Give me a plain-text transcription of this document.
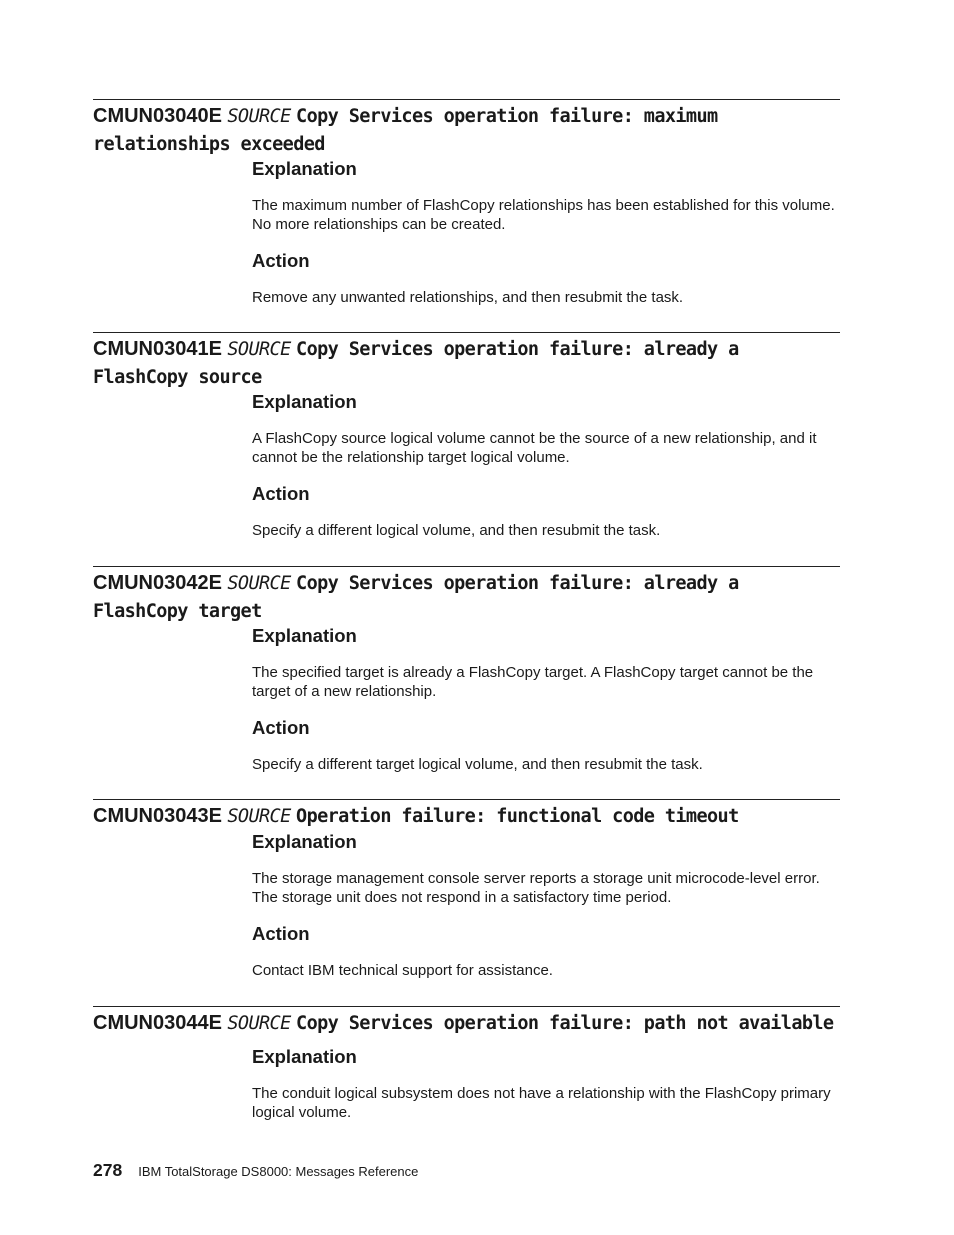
CMUN03040E SOURCE Copy Services operation failure: maximum relationships exceeded
Explanation

The maximum number of FlashCopy relationships has been established for this volume. No more relationships can be created.

Action

Remove any unwanted relationships, and then resubmit the task.

CMUN03041E SOURCE Copy Services operation failure: already a FlashCopy source
Explanation

A FlashCopy source logical volume cannot be the source of a new relationship, and it cannot be the relationship target logical volume.

Action

Specify a different logical volume, and then resubmit the task.

CMUN03042E SOURCE Copy Services operation failure: already a FlashCopy target
Explanation

The specified target is already a FlashCopy target. A FlashCopy target cannot be the target of a new relationship.

Action

Specify a different target logical volume, and then resubmit the task.

CMUN03043E SOURCE Operation failure: functional code timeout
Explanation

The storage management console server reports a storage unit microcode-level error. The storage unit does not respond in a satisfactory time period.

Action

Contact IBM technical support for assistance.

CMUN03044E SOURCE Copy Services operation failure: path not available
Explanation

The conduit logical subsystem does not have a relationship with the FlashCopy primary logical volume.

278 IBM TotalStorage DS8000: Messages Reference
